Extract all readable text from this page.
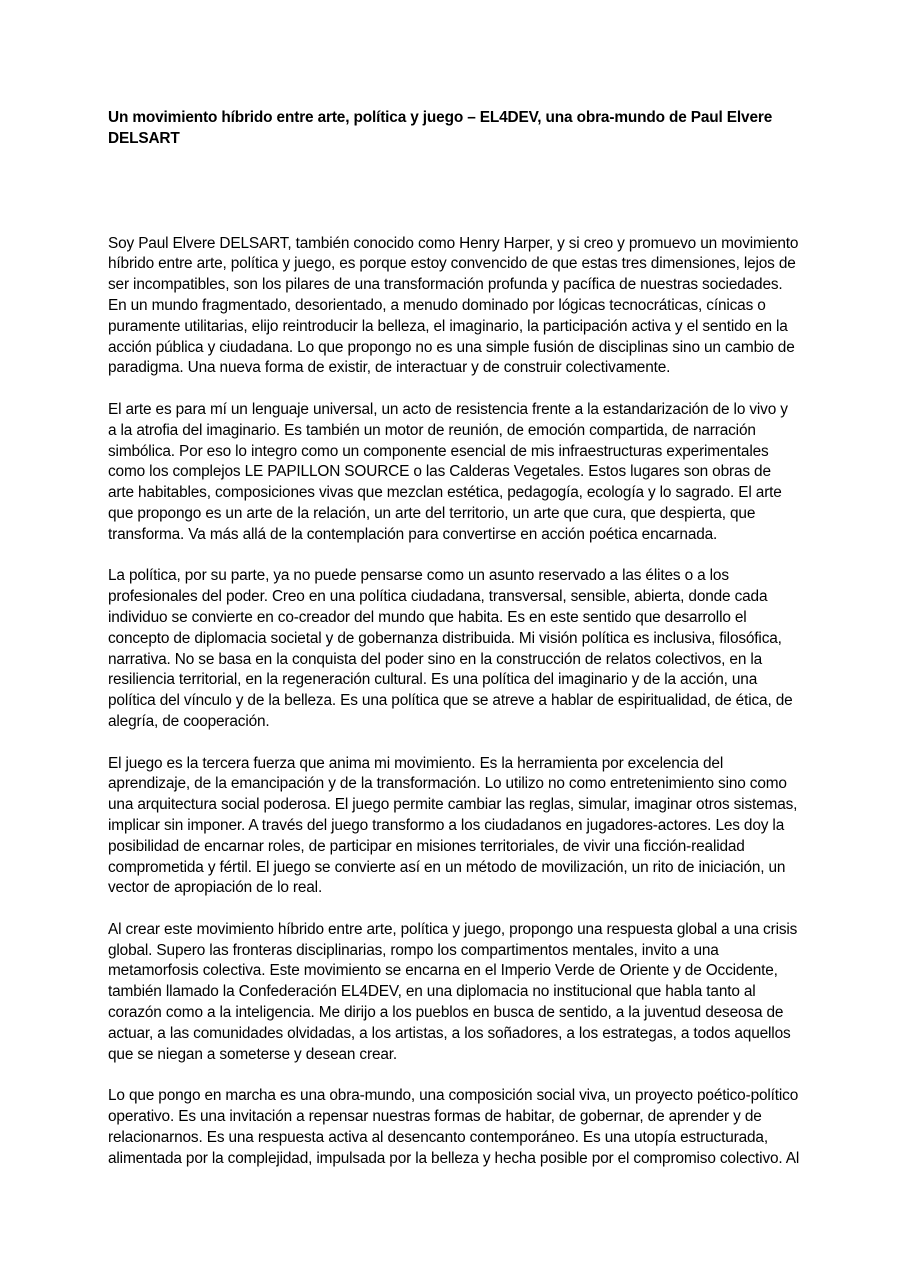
Un movimiento híbrido entre arte, política y juego – EL4DEV, una obra-mundo de Paul Elvere DELSART

Soy Paul Elvere DELSART, también conocido como Henry Harper, y si creo y promuevo un movimiento híbrido entre arte, política y juego, es porque estoy convencido de que estas tres dimensiones, lejos de ser incompatibles, son los pilares de una transformación profunda y pacífica de nuestras sociedades. En un mundo fragmentado, desorientado, a menudo dominado por lógicas tecnocráticas, cínicas o puramente utilitarias, elijo reintroducir la belleza, el imaginario, la participación activa y el sentido en la acción pública y ciudadana. Lo que propongo no es una simple fusión de disciplinas sino un cambio de paradigma. Una nueva forma de existir, de interactuar y de construir colectivamente.

El arte es para mí un lenguaje universal, un acto de resistencia frente a la estandarización de lo vivo y a la atrofia del imaginario. Es también un motor de reunión, de emoción compartida, de narración simbólica. Por eso lo integro como un componente esencial de mis infraestructuras experimentales como los complejos LE PAPILLON SOURCE o las Calderas Vegetales. Estos lugares son obras de arte habitables, composiciones vivas que mezclan estética, pedagogía, ecología y lo sagrado. El arte que propongo es un arte de la relación, un arte del territorio, un arte que cura, que despierta, que transforma. Va más allá de la contemplación para convertirse en acción poética encarnada.

La política, por su parte, ya no puede pensarse como un asunto reservado a las élites o a los profesionales del poder. Creo en una política ciudadana, transversal, sensible, abierta, donde cada individuo se convierte en co-creador del mundo que habita. Es en este sentido que desarrollo el concepto de diplomacia societal y de gobernanza distribuida. Mi visión política es inclusiva, filosófica, narrativa. No se basa en la conquista del poder sino en la construcción de relatos colectivos, en la resiliencia territorial, en la regeneración cultural. Es una política del imaginario y de la acción, una política del vínculo y de la belleza. Es una política que se atreve a hablar de espiritualidad, de ética, de alegría, de cooperación.

El juego es la tercera fuerza que anima mi movimiento. Es la herramienta por excelencia del aprendizaje, de la emancipación y de la transformación. Lo utilizo no como entretenimiento sino como una arquitectura social poderosa. El juego permite cambiar las reglas, simular, imaginar otros sistemas, implicar sin imponer. A través del juego transformo a los ciudadanos en jugadores-actores. Les doy la posibilidad de encarnar roles, de participar en misiones territoriales, de vivir una ficción-realidad comprometida y fértil. El juego se convierte así en un método de movilización, un rito de iniciación, un vector de apropiación de lo real.

Al crear este movimiento híbrido entre arte, política y juego, propongo una respuesta global a una crisis global. Supero las fronteras disciplinarias, rompo los compartimentos mentales, invito a una metamorfosis colectiva. Este movimiento se encarna en el Imperio Verde de Oriente y de Occidente, también llamado la Confederación EL4DEV, en una diplomacia no institucional que habla tanto al corazón como a la inteligencia. Me dirijo a los pueblos en busca de sentido, a la juventud deseosa de actuar, a las comunidades olvidadas, a los artistas, a los soñadores, a los estrategas, a todos aquellos que se niegan a someterse y desean crear.

Lo que pongo en marcha es una obra-mundo, una composición social viva, un proyecto poético-político operativo. Es una invitación a repensar nuestras formas de habitar, de gobernar, de aprender y de relacionarnos. Es una respuesta activa al desencanto contemporáneo. Es una utopía estructurada, alimentada por la complejidad, impulsada por la belleza y hecha posible por el compromiso colectivo. Al
